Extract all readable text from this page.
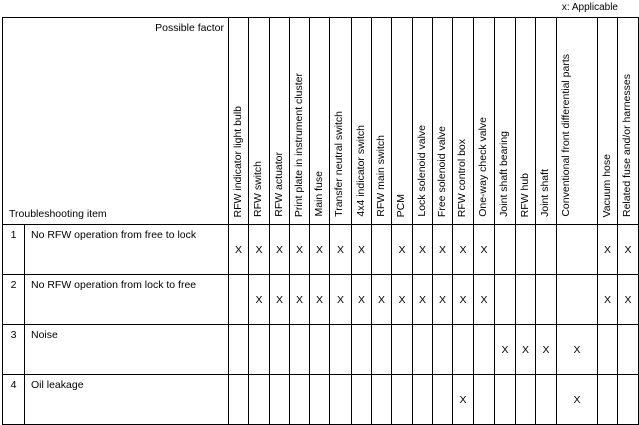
x: Applicable
Possible factor
Troubleshooting item		RFW indicator light bulb	RFW switch	RFW actuator	Print plate in instrument cluster	Main fuse	Transfer neutral switch	4x4 indicator switch	RFW main switch	PCM	Lock solenoid valve	Free solenoid valve	RFW control box	One-way check valve	Joint shaft bearing	RFW hub	Joint shaft	Conventional front differential parts	Vacuum hose	Related fuse and/or harnesses
1	No RFW operation from free to lock	X	X	X	X	X	X	X		X	X	X	X	X					X	X
2	No RFW operation from lock to free		X	X	X	X	X	X	X	X	X	X	X	X					X	X
3	Noise														X	X	X	X		
4	Oil leakage												X					X		
